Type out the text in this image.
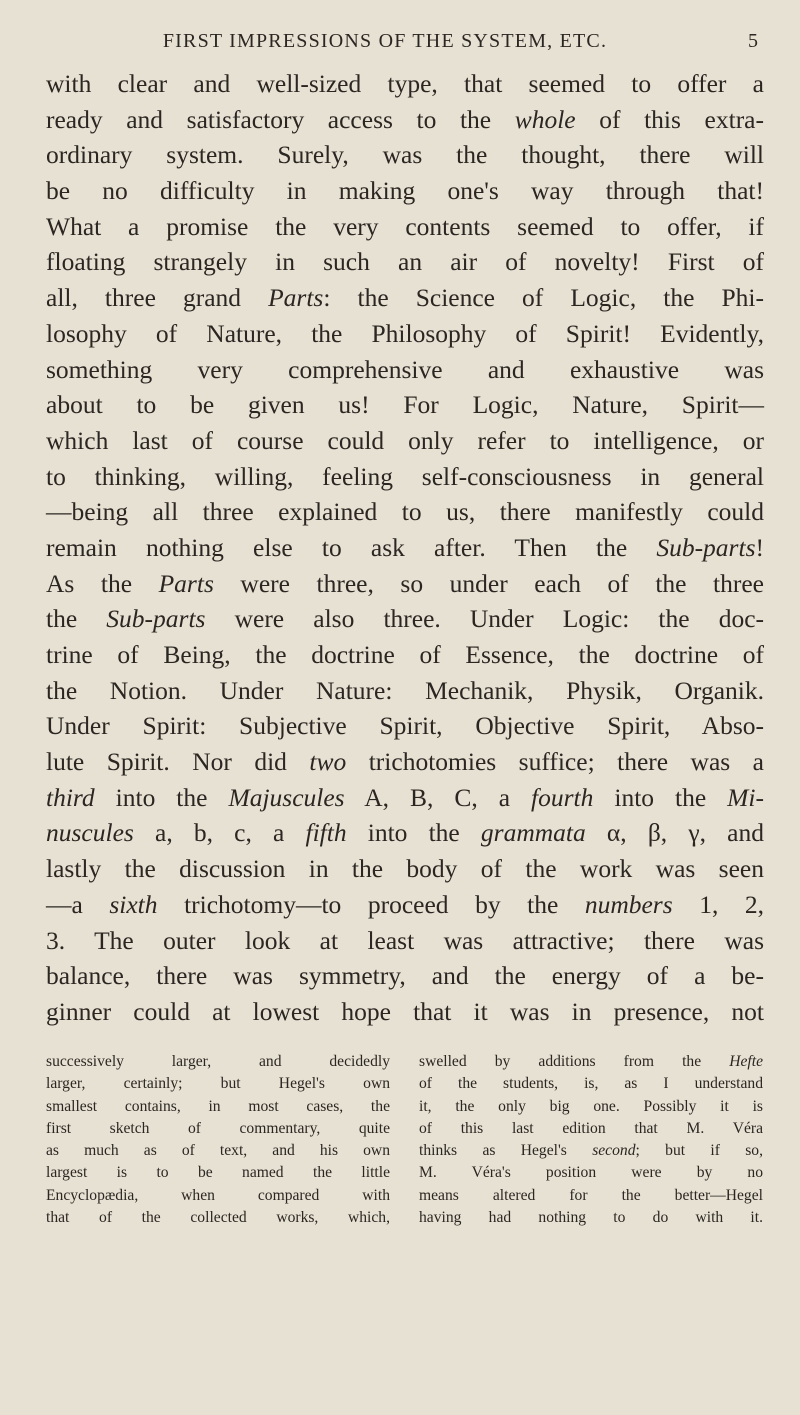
FIRST IMPRESSIONS OF THE SYSTEM, ETC.	5
with clear and well-sized type, that seemed to offer a
ready and satisfactory access to the whole of this extra-
ordinary system. Surely, was the thought, there will
be no difficulty in making one's way through that!
What a promise the very contents seemed to offer, if
floating strangely in such an air of novelty! First of
all, three grand Parts: the Science of Logic, the Phi-
losophy of Nature, the Philosophy of Spirit! Evidently,
something very comprehensive and exhaustive was
about to be given us! For Logic, Nature, Spirit—
which last of course could only refer to intelligence, or
to thinking, willing, feeling self-consciousness in general
—being all three explained to us, there manifestly could
remain nothing else to ask after. Then the Sub-parts!
As the Parts were three, so under each of the three
the Sub-parts were also three. Under Logic: the doc-
trine of Being, the doctrine of Essence, the doctrine of
the Notion. Under Nature: Mechanik, Physik, Organik.
Under Spirit: Subjective Spirit, Objective Spirit, Abso-
lute Spirit. Nor did two trichotomies suffice; there was a
third into the Majuscules A, B, C, a fourth into the Mi-
nuscules a, b, c, a fifth into the grammata α, β, γ, and
lastly the discussion in the body of the work was seen
—a sixth trichotomy—to proceed by the numbers 1, 2,
3. The outer look at least was attractive; there was
balance, there was symmetry, and the energy of a be-
ginner could at lowest hope that it was in presence, not
successively larger, and decidedly
larger, certainly; but Hegel's own
smallest contains, in most cases, the
first sketch of commentary, quite
as much as of text, and his own
largest is to be named the little
Encyclopædia, when compared with
that of the collected works, which,
swelled by additions from the Hefte
of the students, is, as I understand
it, the only big one. Possibly it is
of this last edition that M. Véra
thinks as Hegel's second; but if so,
M. Véra's position were by no
means altered for the better—Hegel
having had nothing to do with it.
